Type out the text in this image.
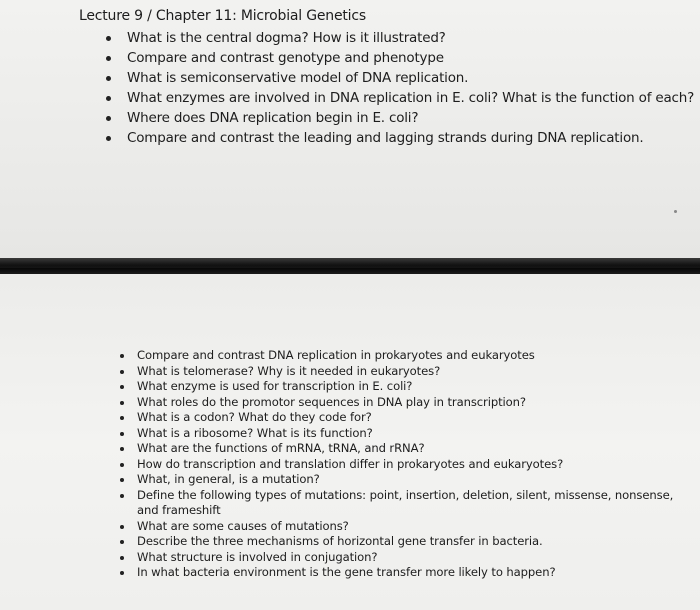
Lecture 9 / Chapter 11: Microbial Genetics
What is the central dogma? How is it illustrated?
Compare and contrast genotype and phenotype
What is semiconservative model of DNA replication.
What enzymes are involved in DNA replication in E. coli? What is the function of each?
Where does DNA replication begin in E. coli?
Compare and contrast the leading and lagging strands during DNA replication.
Compare and contrast DNA replication in prokaryotes and eukaryotes
What is telomerase? Why is it needed in eukaryotes?
What enzyme is used for transcription in E. coli?
What roles do the promotor sequences in DNA play in transcription?
What is a codon? What do they code for?
What is a ribosome? What is its function?
What are the functions of mRNA, tRNA, and rRNA?
How do transcription and translation differ in prokaryotes and eukaryotes?
What, in general, is a mutation?
Define the following types of mutations: point, insertion, deletion, silent, missense, nonsense,
and frameshift
What are some causes of mutations?
Describe the three mechanisms of horizontal gene transfer in bacteria.
What structure is involved in conjugation?
In what bacteria environment is the gene transfer more likely to happen?
